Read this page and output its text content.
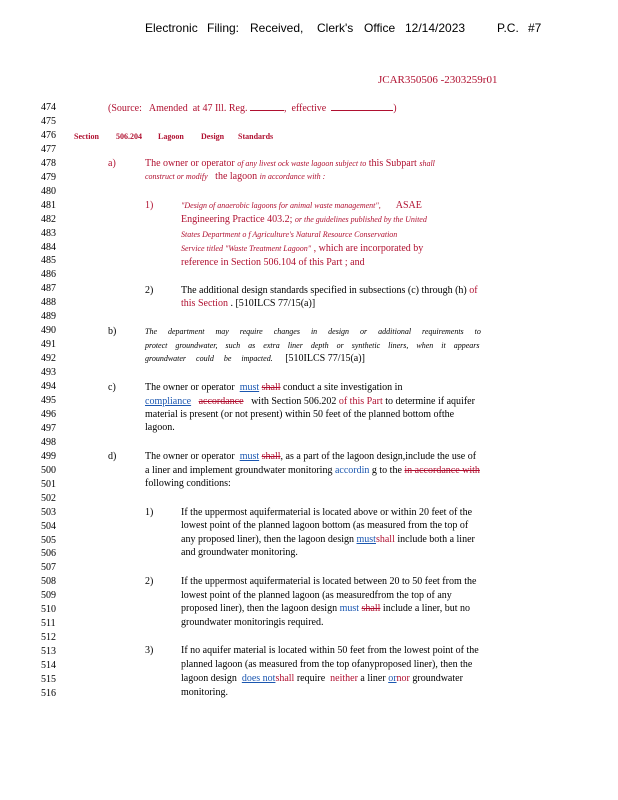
Electronic Filing: Received, Clerk's Office 12/14/2023	P.C. #7
JCAR350506 -2303259r01
474
475
476
477
478
479
480
481
482
483
484
485
486
487
488
489
490
491
492
493
494
495
496
497
498
499
500
501
502
503
504
505
506
507
508
509
510
511
512
513
514
515
516
(Source: Amended at 47 Ill. Reg.	,  effective	)
Section 506.204 Lagoon Design Standards
a)	The owner or operator of any livest ock waste lagoon subject to this Subpart shall
construct or modify the lagoon in accordance with :
1)	"Design of anaerobic lagoons for animal waste management", ASAE
Engineering Practice 403.2; or the guidelines published by the United
States Department o f Agriculture's Natural Resource Conservation
Service titled "Waste Treatment Lagoon" , which are incorporated by
reference in Section 506.104 of this Part ; and
2)	The additional design standards specified in subsections (c) through (h) of
this Section . [510ILCS 77/15(a)]
b)	The department may require changes in design or additional requirements to
protect groundwater, such as extra liner depth or synthetic liners, when it appears
groundwater could be impacted. [510ILCS 77/15(a)]
c)	The owner or operator must shall conduct a site investigation in
compliance accordance with Section 506.202 of this Part to determine if aquifer
material is present (or not present) within 50 feet of the planned bottom ofthe
lagoon.
d)	The owner or operator must shall, as a part of the lagoon design,include the use of
a liner and implement groundwater monitoring accordin g to the in accordance with
following conditions:
1)	If the uppermost aquifermaterial is located above or within 20 feet of the
lowest point of the planned lagoon bottom (as measured from the top of
any proposed liner), then the lagoon design mustshall include both a liner
and groundwater monitoring.
2)	If the uppermost aquifermaterial is located between 20 to 50 feet from the
lowest point of the planned lagoon (as measuredfrom the top of any
proposed liner), then the lagoon design must shall include a liner, but no
groundwater monitoringis required.
3)	If no aquifer material is located within 50 feet from the lowest point of the
planned lagoon (as measured from the top ofanyproposed liner), then the
lagoon design does notshall require neither a liner ornor groundwater
monitoring.
